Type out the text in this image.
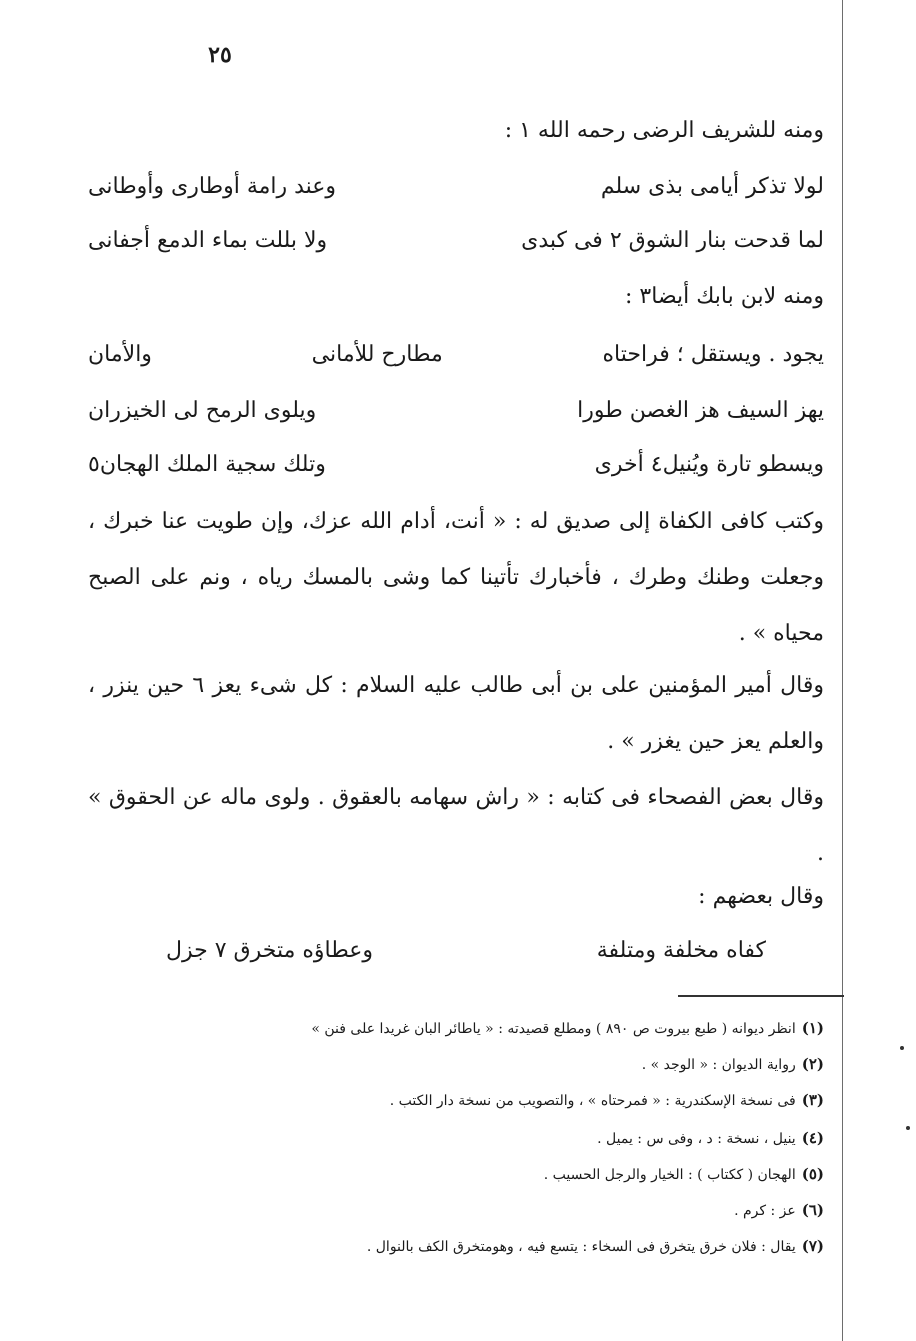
٢٥
ومنه للشريف الرضى رحمه الله ١ :
لولا تذكر أيامى بذى سلم
وعند رامة أوطارى وأوطانى
لما قدحت بنار الشوق ٢ فى كبدى
ولا بللت بماء الدمع أجفانى
ومنه لابن بابك أيضا٣ :
يجود . ويستقل ؛ فراحتاه
مطارح للأمانى
والأمان
يهز السيف هز الغصن طورا
ويلوى الرمح لى الخيزران
ويسطو تارة ويُنيل٤ أخرى
وتلك سجية الملك الهجان٥
وكتب كافى الكفاة إلى صديق له : « أنت، أدام الله عزك، وإن طويت عنا خبرك ، وجعلت وطنك وطرك ، فأخبارك تأتينا كما وشى بالمسك رياه ، ونم على الصبح محياه » .
وقال أمير المؤمنين على بن أبى طالب عليه السلام : كل شىء يعز ٦ حين ينزر ، والعلم يعز حين يغزر » .
وقال بعض الفصحاء فى كتابه : « راش سهامه بالعقوق . ولوى ماله عن الحقوق » .
وقال بعضهم :
كفاه مخلفة ومتلفة
وعطاؤه متخرق ٧ جزل
(١)انظر ديوانه ( طبع بيروت ص ٨٩٠ ) ومطلع قصيدته : « ياطائر البان غريدا على فنن »
(٢)رواية الديوان : « الوجد » .
(٣)فى نسخة الإسكندرية : « فمرحتاه » ، والتصويب من نسخة دار الكتب .
(٤)ينيل ، نسخة : د ، وفى س : يميل .
(٥)الهجان ( ككتاب ) : الخيار والرجل الحسيب .
(٦)عز : كرم .
(٧)يقال : فلان خرق يتخرق فى السخاء : يتسع فيه ، وهومتخرق الكف بالنوال .
